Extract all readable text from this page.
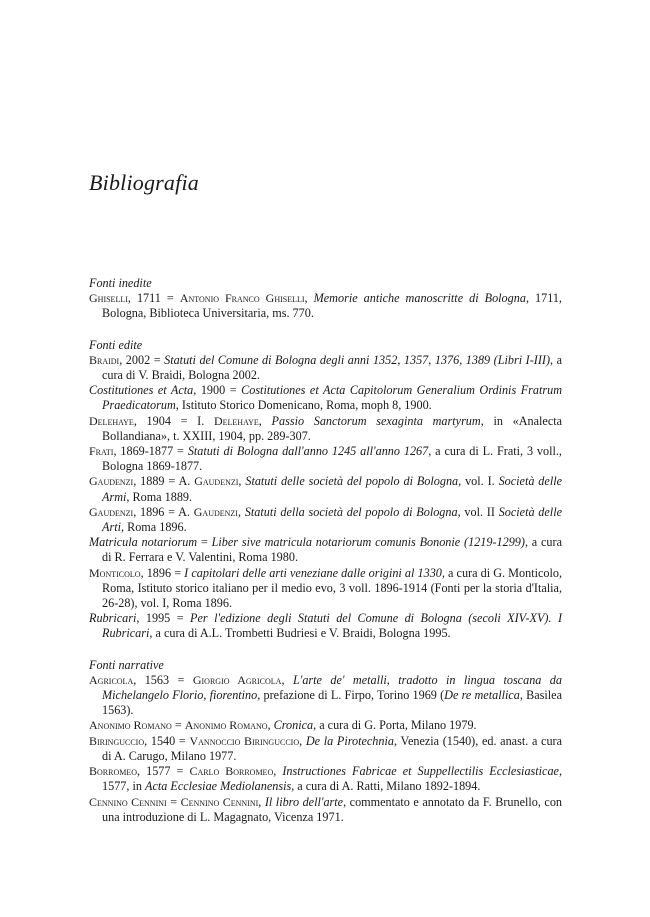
Bibliografia
Fonti inedite
Ghiselli, 1711 = Antonio Franco Ghiselli, Memorie antiche manoscritte di Bologna, 1711, Bologna, Biblioteca Universitaria, ms. 770.
Fonti edite
Braidi, 2002 = Statuti del Comune di Bologna degli anni 1352, 1357, 1376, 1389 (Libri I-III), a cura di V. Braidi, Bologna 2002.
Costitutiones et Acta, 1900 = Costitutiones et Acta Capitolorum Generalium Ordinis Fratrum Praedicatorum, Istituto Storico Domenicano, Roma, moph 8, 1900.
Delehaye, 1904 = I. Delehaye, Passio Sanctorum sexaginta martyrum, in «Analecta Bollandiana», t. XXIII, 1904, pp. 289-307.
Frati, 1869-1877 = Statuti di Bologna dall'anno 1245 all'anno 1267, a cura di L. Frati, 3 voll., Bologna 1869-1877.
Gaudenzi, 1889 = A. Gaudenzi, Statuti delle società del popolo di Bologna, vol. I. Società delle Armi, Roma 1889.
Gaudenzi, 1896 = A. Gaudenzi, Statuti della società del popolo di Bologna, vol. II Società delle Arti, Roma 1896.
Matricula notariorum = Liber sive matricula notariorum comunis Bononie (1219-1299), a cura di R. Ferrara e V. Valentini, Roma 1980.
Monticolo, 1896 = I capitolari delle arti veneziane dalle origini al 1330, a cura di G. Monticolo, Roma, Istituto storico italiano per il medio evo, 3 voll. 1896-1914 (Fonti per la storia d'Italia, 26-28), vol. I, Roma 1896.
Rubricari, 1995 = Per l'edizione degli Statuti del Comune di Bologna (secoli XIV-XV). I Rubricari, a cura di A.L. Trombetti Budriesi e V. Braidi, Bologna 1995.
Fonti narrative
Agricola, 1563 = Giorgio Agricola, L'arte de' metalli, tradotto in lingua toscana da Michelangelo Florio, fiorentino, prefazione di L. Firpo, Torino 1969 (De re metallica, Basilea 1563).
Anonimo Romano = Anonimo Romano, Cronica, a cura di G. Porta, Milano 1979.
Biringuccio, 1540 = Vannoccio Biringuccio, De la Pirotechnia, Venezia (1540), ed. anast. a cura di A. Carugo, Milano 1977.
Borromeo, 1577 = Carlo Borromeo, Instructiones Fabricae et Suppellectilis Ecclesiasticae, 1577, in Acta Ecclesiae Mediolanensis, a cura di A. Ratti, Milano 1892-1894.
Cennino Cennini = Cennino Cennini, Il libro dell'arte, commentato e annotato da F. Brunello, con una introduzione di L. Magagnato, Vicenza 1971.
